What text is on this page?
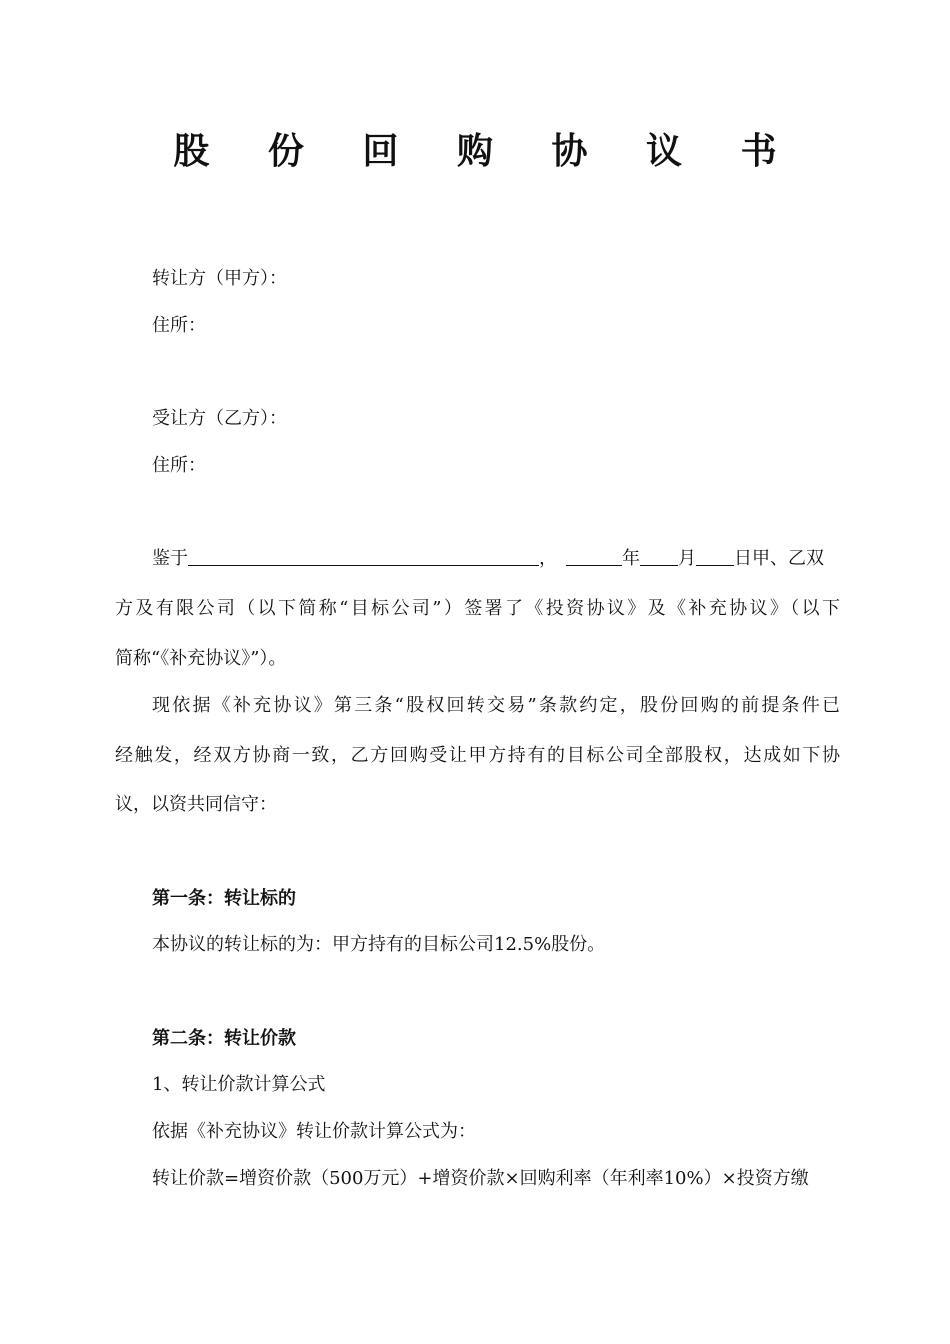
股 份 回 购 协 议 书
转让方（甲方）：
住所：
受让方（乙方）：
住所：
鉴于	，	年 月 日甲、乙双
方及有限公司（以下简称“目标公司”）签署了《投资协议》及《补充协议》（以下
简称“《补充协议》”）。
现依据《补充协议》第三条“股权回转交易”条款约定，股份回购的前提条件已
经触发，经双方协商一致，乙方回购受让甲方持有的目标公司全部股权，达成如下协
议，以资共同信守：
第一条：转让标的
本协议的转让标的为：甲方持有的目标公司12.5%股份。
第二条：转让价款
1、转让价款计算公式
依据《补充协议》转让价款计算公式为：
转让价款=增资价款（500万元）+增资价款×回购利率（年利率10%）×投资方缴
